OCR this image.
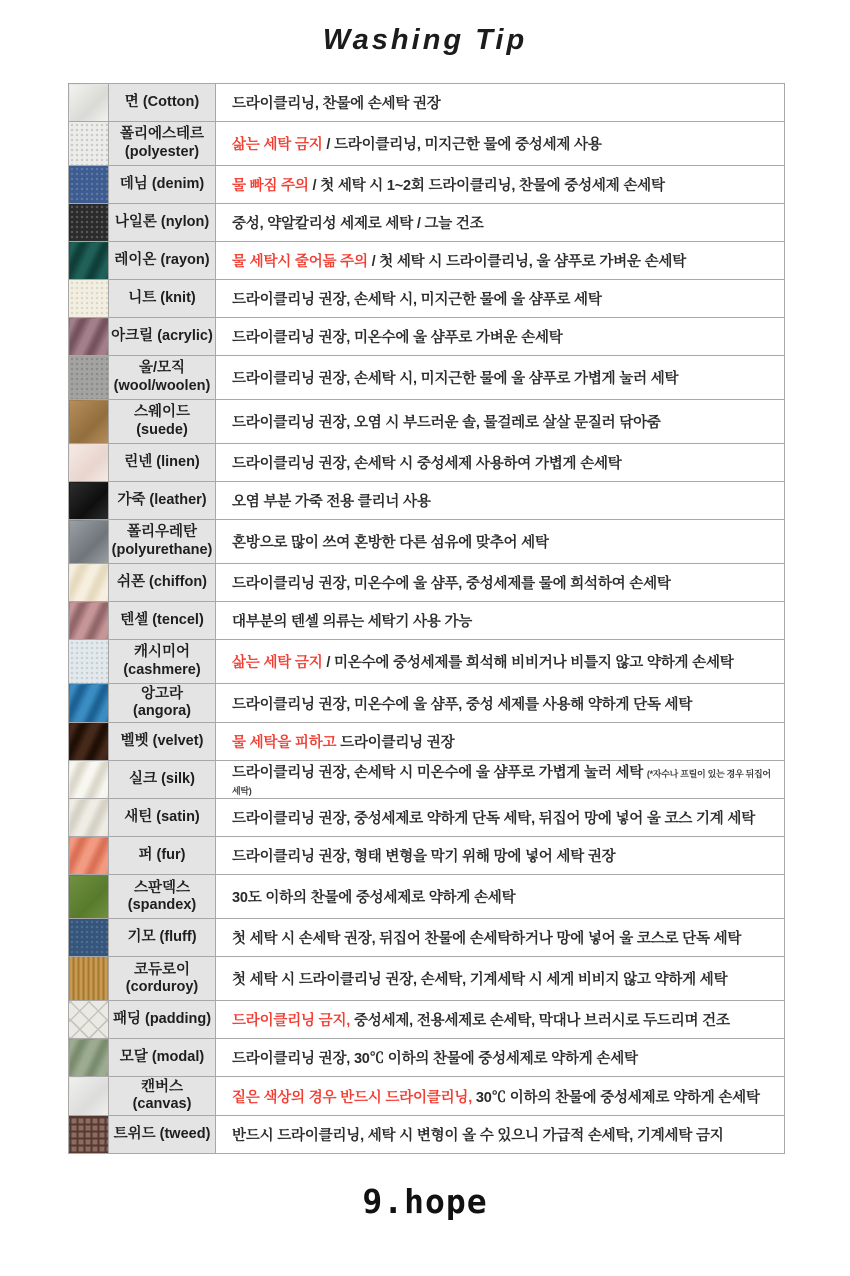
Washing Tip
	면 (Cotton)	드라이클리닝, 찬물에 손세탁 권장
	폴리에스테르
(polyester)	삶는 세탁 금지 / 드라이클리닝, 미지근한 물에 중성세제 사용
	데님 (denim)	물 빠짐 주의 / 첫 세탁 시 1~2회 드라이클리닝, 찬물에 중성세제 손세탁
	나일론 (nylon)	중성, 약알칼리성 세제로 세탁 / 그늘 건조
	레이온 (rayon)	물 세탁시 줄어듦 주의 / 첫 세탁 시 드라이클리닝, 울 샴푸로 가벼운 손세탁
	니트 (knit)	드라이클리닝 권장, 손세탁 시, 미지근한 물에 울 샴푸로 세탁
	아크릴 (acrylic)	드라이클리닝 권장, 미온수에 울 샴푸로 가벼운 손세탁
	울/모직
(wool/woolen)	드라이클리닝 권장, 손세탁 시, 미지근한 물에 울 샴푸로 가볍게 눌러 세탁
	스웨이드
(suede)	드라이클리닝 권장, 오염 시 부드러운 솔, 물걸레로 살살 문질러 닦아줌
	린넨 (linen)	드라이클리닝 권장, 손세탁 시 중성세제 사용하여 가볍게 손세탁
	가죽 (leather)	오염 부분 가죽 전용 클리너 사용
	폴리우레탄
(polyurethane)	혼방으로 많이 쓰여 혼방한 다른 섬유에 맞추어 세탁
	쉬폰 (chiffon)	드라이클리닝 권장, 미온수에 울 샴푸, 중성세제를 물에 희석하여 손세탁
	텐셀 (tencel)	대부분의 텐셀 의류는 세탁기 사용 가능
	캐시미어
(cashmere)	삶는 세탁 금지 / 미온수에 중성세제를 희석해 비비거나 비틀지 않고 약하게 손세탁
	앙고라 (angora)	드라이클리닝 권장, 미온수에 울 샴푸, 중성 세제를 사용해 약하게 단독 세탁
	벨벳 (velvet)	물 세탁을 피하고 드라이클리닝 권장
	실크 (silk)	드라이클리닝 권장, 손세탁 시 미온수에 울 샴푸로 가볍게 눌러 세탁 (*자수나 프릴이 있는 경우 뒤집어 세탁)
	새틴 (satin)	드라이클리닝 권장, 중성세제로 약하게 단독 세탁, 뒤집어 망에 넣어 울 코스 기계 세탁
	퍼 (fur)	드라이클리닝 권장, 형태 변형을 막기 위해 망에 넣어 세탁 권장
	스판덱스
(spandex)	30도 이하의 찬물에 중성세제로 약하게 손세탁
	기모 (fluff)	첫 세탁 시 손세탁 권장, 뒤집어 찬물에 손세탁하거나 망에 넣어 울 코스로 단독 세탁
	코듀로이
(corduroy)	첫 세탁 시 드라이클리닝 권장, 손세탁, 기계세탁 시 세게 비비지 않고 약하게 세탁
	패딩 (padding)	드라이클리닝 금지, 중성세제, 전용세제로 손세탁, 막대나 브러시로 두드리며 건조
	모달 (modal)	드라이클리닝 권장, 30℃ 이하의 찬물에 중성세제로 약하게 손세탁
	캔버스 (canvas)	짙은 색상의 경우 반드시 드라이클리닝, 30℃ 이하의 찬물에 중성세제로 약하게 손세탁
	트위드 (tweed)	반드시 드라이클리닝, 세탁 시 변형이 올 수 있으니 가급적 손세탁, 기계세탁 금지
9.hope
